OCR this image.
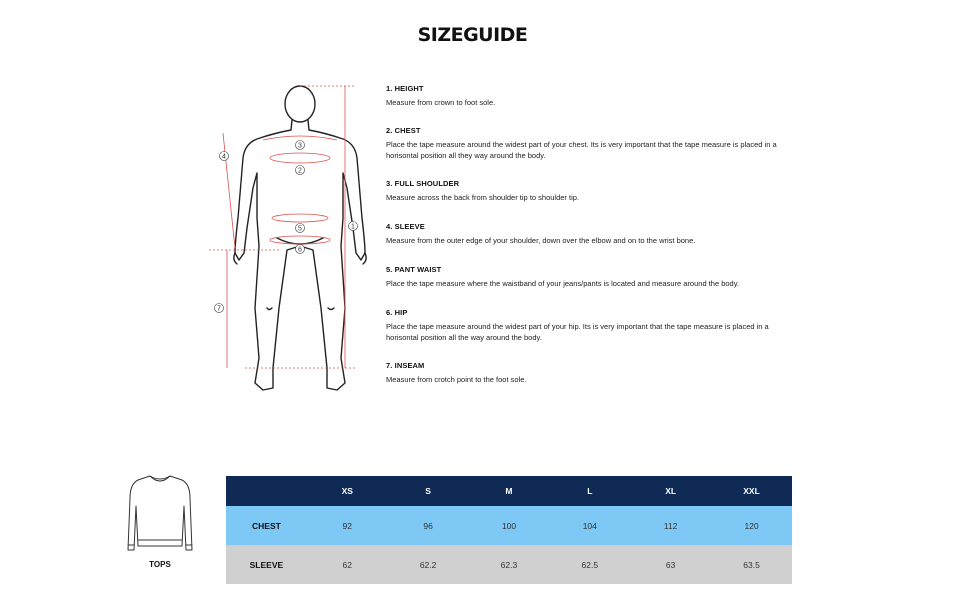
SIZEGUIDE
1
2
3
4
5
6
7

1. HEIGHT

Measure from crown to foot sole.

2. CHEST

Place the tape measure around the widest part of your chest. Its is very important that the tape measure is placed in a horisontal position all they way around the body.

3. FULL SHOULDER

Measure across the back from shoulder tip to shoulder tip.

4. SLEEVE

Measure from the outer edge of your shoulder, down over the elbow and on to the wrist bone.

5. PANT WAIST

Place the tape measure where the waistband of your jeans/pants is located and measure around the body.

6. HIP

Place the tape measure around the widest part of your hip. Its is very important that the tape measure is placed in a horisontal position all the way around the body.

7. INSEAM

Measure from crotch point to the foot sole.

TOPS
	XS	S	M	L	XL	XXL
CHEST	92	96	100	104	112	120
SLEEVE	62	62.2	62.3	62.5	63	63.5
